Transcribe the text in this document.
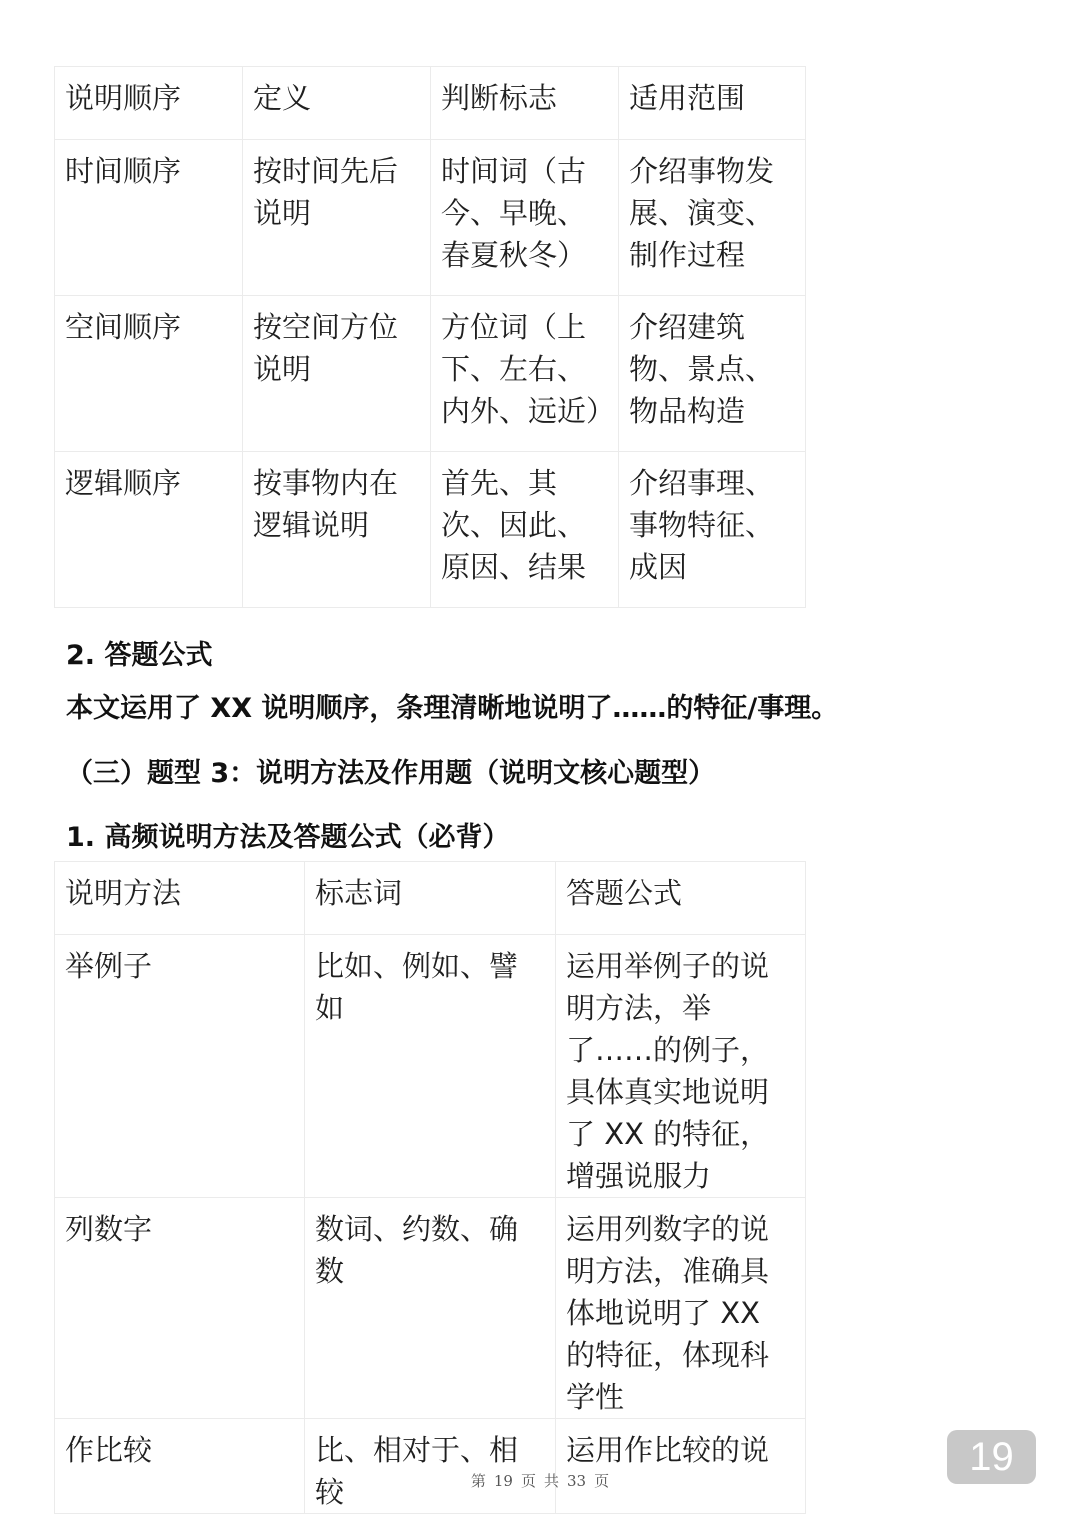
说明顺序	定义	判断标志	适用范围
时间顺序	按时间先后说明	时间词（古今、早晚、春夏秋冬）	介绍事物发展、演变、制作过程
空间顺序	按空间方位说明	方位词（上下、左右、内外、远近）	介绍建筑物、景点、物品构造
逻辑顺序	按事物内在逻辑说明	首先、其次、因此、原因、结果	介绍事理、事物特征、成因
2. 答题公式
本文运用了 XX 说明顺序，条理清晰地说明了……的特征/事理。
（三）题型 3：说明方法及作用题（说明文核心题型）
1. 高频说明方法及答题公式（必背）
说明方法	标志词	答题公式
举例子	比如、例如、譬如	运用举例子的说明方法，举了……的例子，具体真实地说明了 XX 的特征，增强说服力
列数字	数词、约数、确数	运用列数字的说明方法，准确具体地说明了 XX 的特征，体现科学性
作比较	比、相对于、相较	运用作比较的说
第 19 页 共 33 页
19
